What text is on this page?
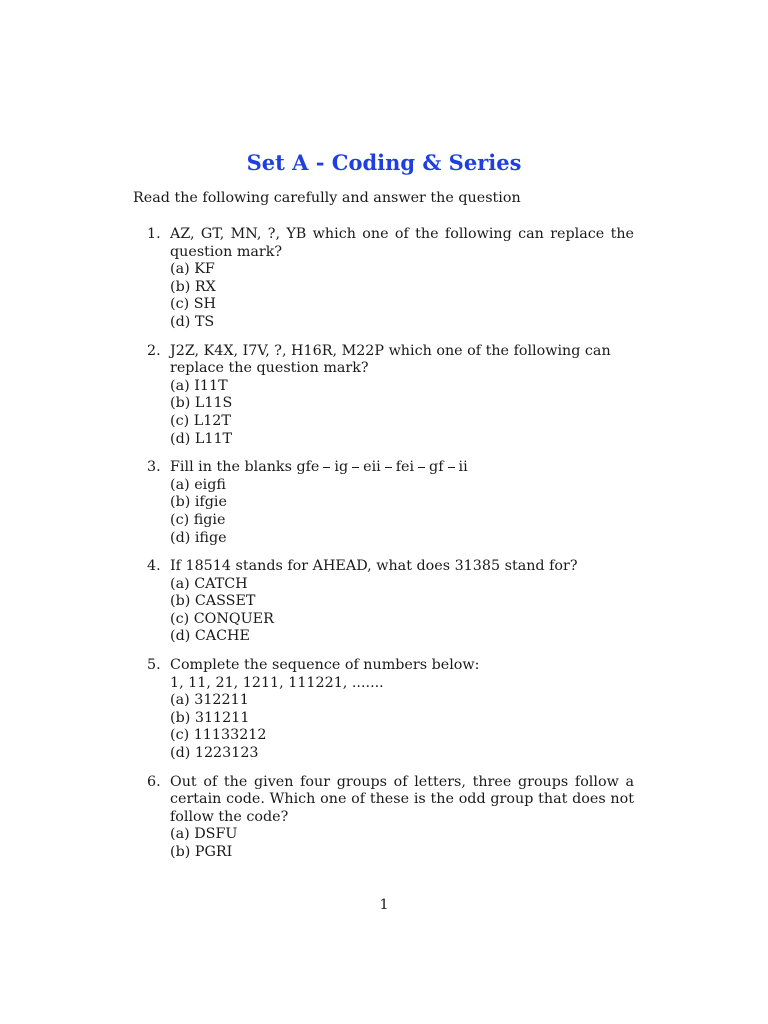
Set A - Coding & Series
Read the following carefully and answer the question
1. AZ, GT, MN, ?, YB which one of the following can replace the question mark?
(a) KF
(b) RX
(c) SH
(d) TS
2. J2Z, K4X, I7V, ?, H16R, M22P which one of the following can replace the question mark?
(a) I11T
(b) L11S
(c) L12T
(d) L11T
3. Fill in the blanks gfe ig eii fei gf ii
(a) eigfi
(b) ifgie
(c) figie
(d) ifige
4. If 18514 stands for AHEAD, what does 31385 stand for?
(a) CATCH
(b) CASSET
(c) CONQUER
(d) CACHE
5. Complete the sequence of numbers below:
1, 11, 21, 1211, 111221, .......
(a) 312211
(b) 311211
(c) 11133212
(d) 1223123
6. Out of the given four groups of letters, three groups follow a certain code. Which one of these is the odd group that does not follow the code?
(a) DSFU
(b) PGRI
1
